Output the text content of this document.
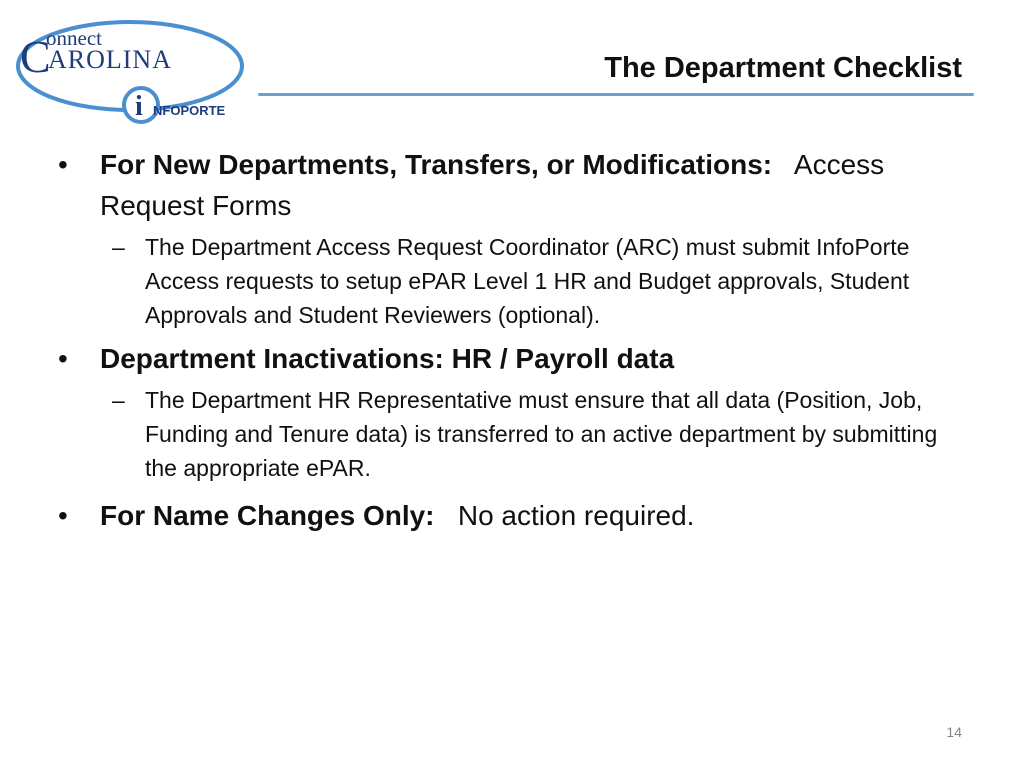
C
onnect
AROLINA
i NFOPORTE
The Department Checklist
• For New Departments, Transfers, or Modifications: Access Request Forms
– The Department Access Request Coordinator (ARC) must submit InfoPorte Access requests to setup ePAR Level 1 HR and Budget approvals, Student Approvals and Student Reviewers (optional).
• Department Inactivations: HR / Payroll data
– The Department HR Representative must ensure that all data (Position, Job, Funding and Tenure data) is transferred to an active department by submitting the appropriate ePAR.
• For Name Changes Only: No action required.
14
